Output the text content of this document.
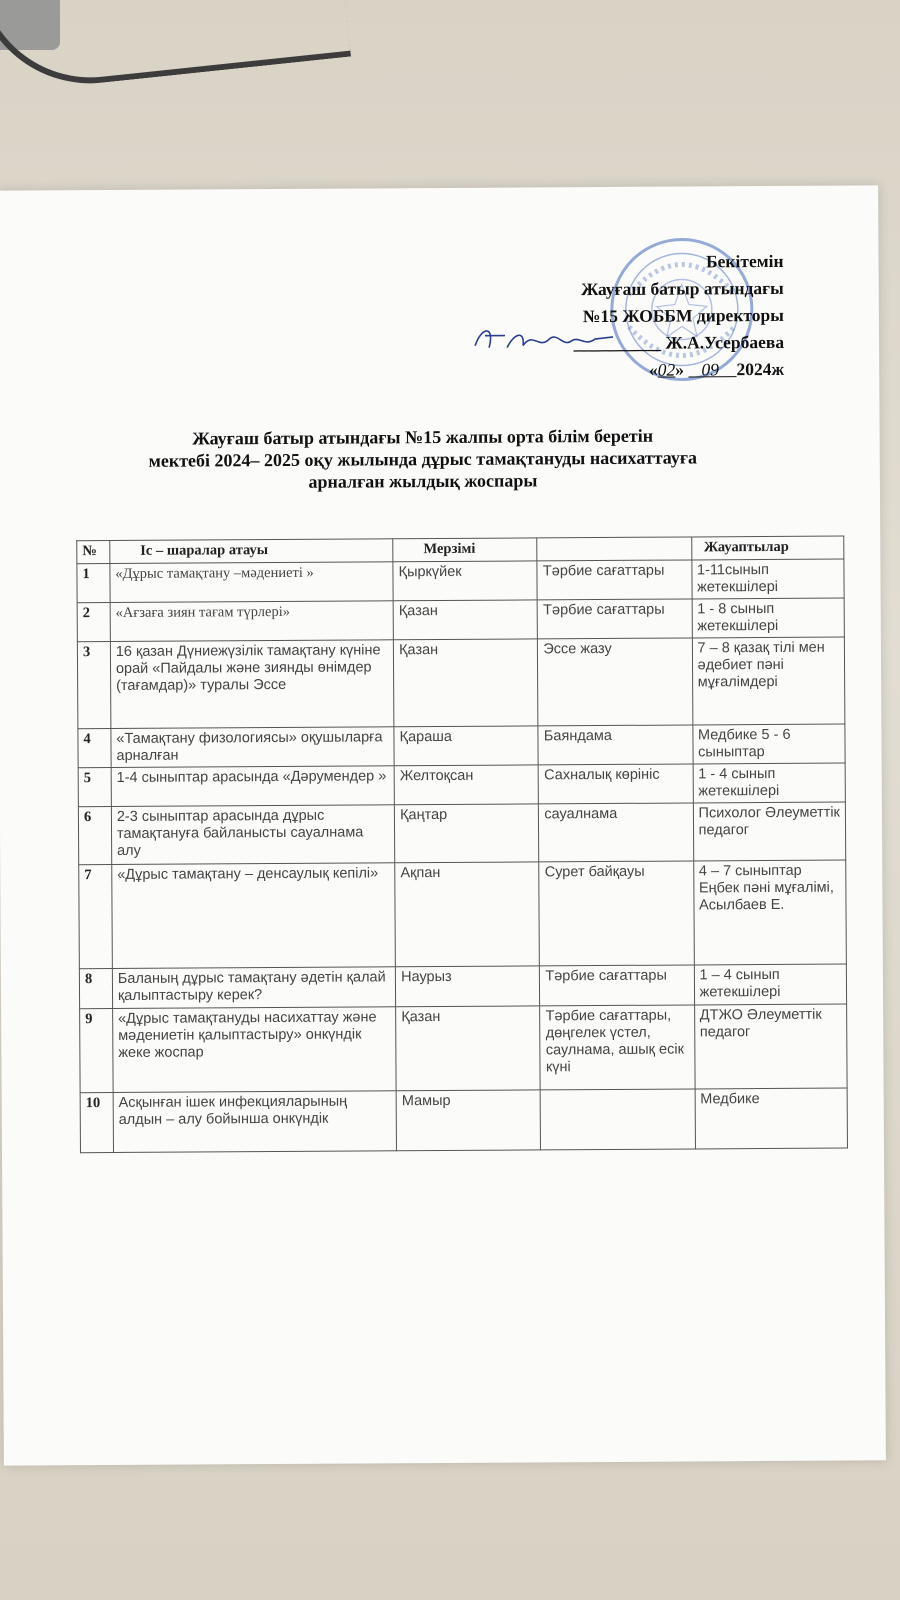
Бекітемін
Жауғаш батыр атындағы
№15 ЖОББМ директоры
__________ Ж.А.Усербаева
«02» 09 2024ж
Жауғаш батыр атындағы №15 жалпы орта білім беретін
мектебі 2024– 2025 оқу жылында дұрыс тамақтануды насихаттауға
арналған жылдық жоспары
№	Іс – шаралар атауы	Мерзімі		Жауаптылар
1	«Дұрыс тамақтану –мәдениеті »	Қыркүйек	Тәрбие сағаттары	1-11сынып жетекшілері
2	«Ағзаға зиян тағам түрлері»	Қазан	Тәрбие сағаттары	1 - 8 сынып жетекшілері
3	16 қазан Дүниежүзілік тамақтану күніне орай «Пайдалы және зиянды өнімдер (тағамдар)» туралы Эссе	Қазан	Эссе жазу	7 – 8 қазақ тілі мен әдебиет пәні мұғалімдері
4	«Тамақтану физологиясы» оқушыларға арналған	Қараша	Баяндама	Медбике 5 - 6 сыныптар
5	1-4 сыныптар арасында «Дәрумендер »	Желтоқсан	Сахналық көрініс	1 - 4 сынып жетекшілері
6	2-3 сыныптар арасында дұрыс тамақтануға байланысты сауалнама алу	Қаңтар	сауалнама	Психолог Әлеуметтік педагог
7	«Дұрыс тамақтану – денсаулық кепілі»	Ақпан	Сурет байқауы	4 – 7 сыныптар Еңбек пәні мұғалімі, Асылбаев Е.
8	Баланың дұрыс тамақтану әдетін қалай қалыптастыру керек?	Наурыз	Тәрбие сағаттары	1 – 4 сынып жетекшілері
9	«Дұрыс тамақтануды насихаттау және мәдениетін қалыптастыру» онкүндік жеке жоспар	Қазан	Тәрбие сағаттары, дөңгелек үстел, саулнама, ашық есік күні	ДТЖО Әлеуметтік педагог
10	Асқынған ішек инфекцияларының алдын – алу бойынша онкүндік	Мамыр		Медбике
